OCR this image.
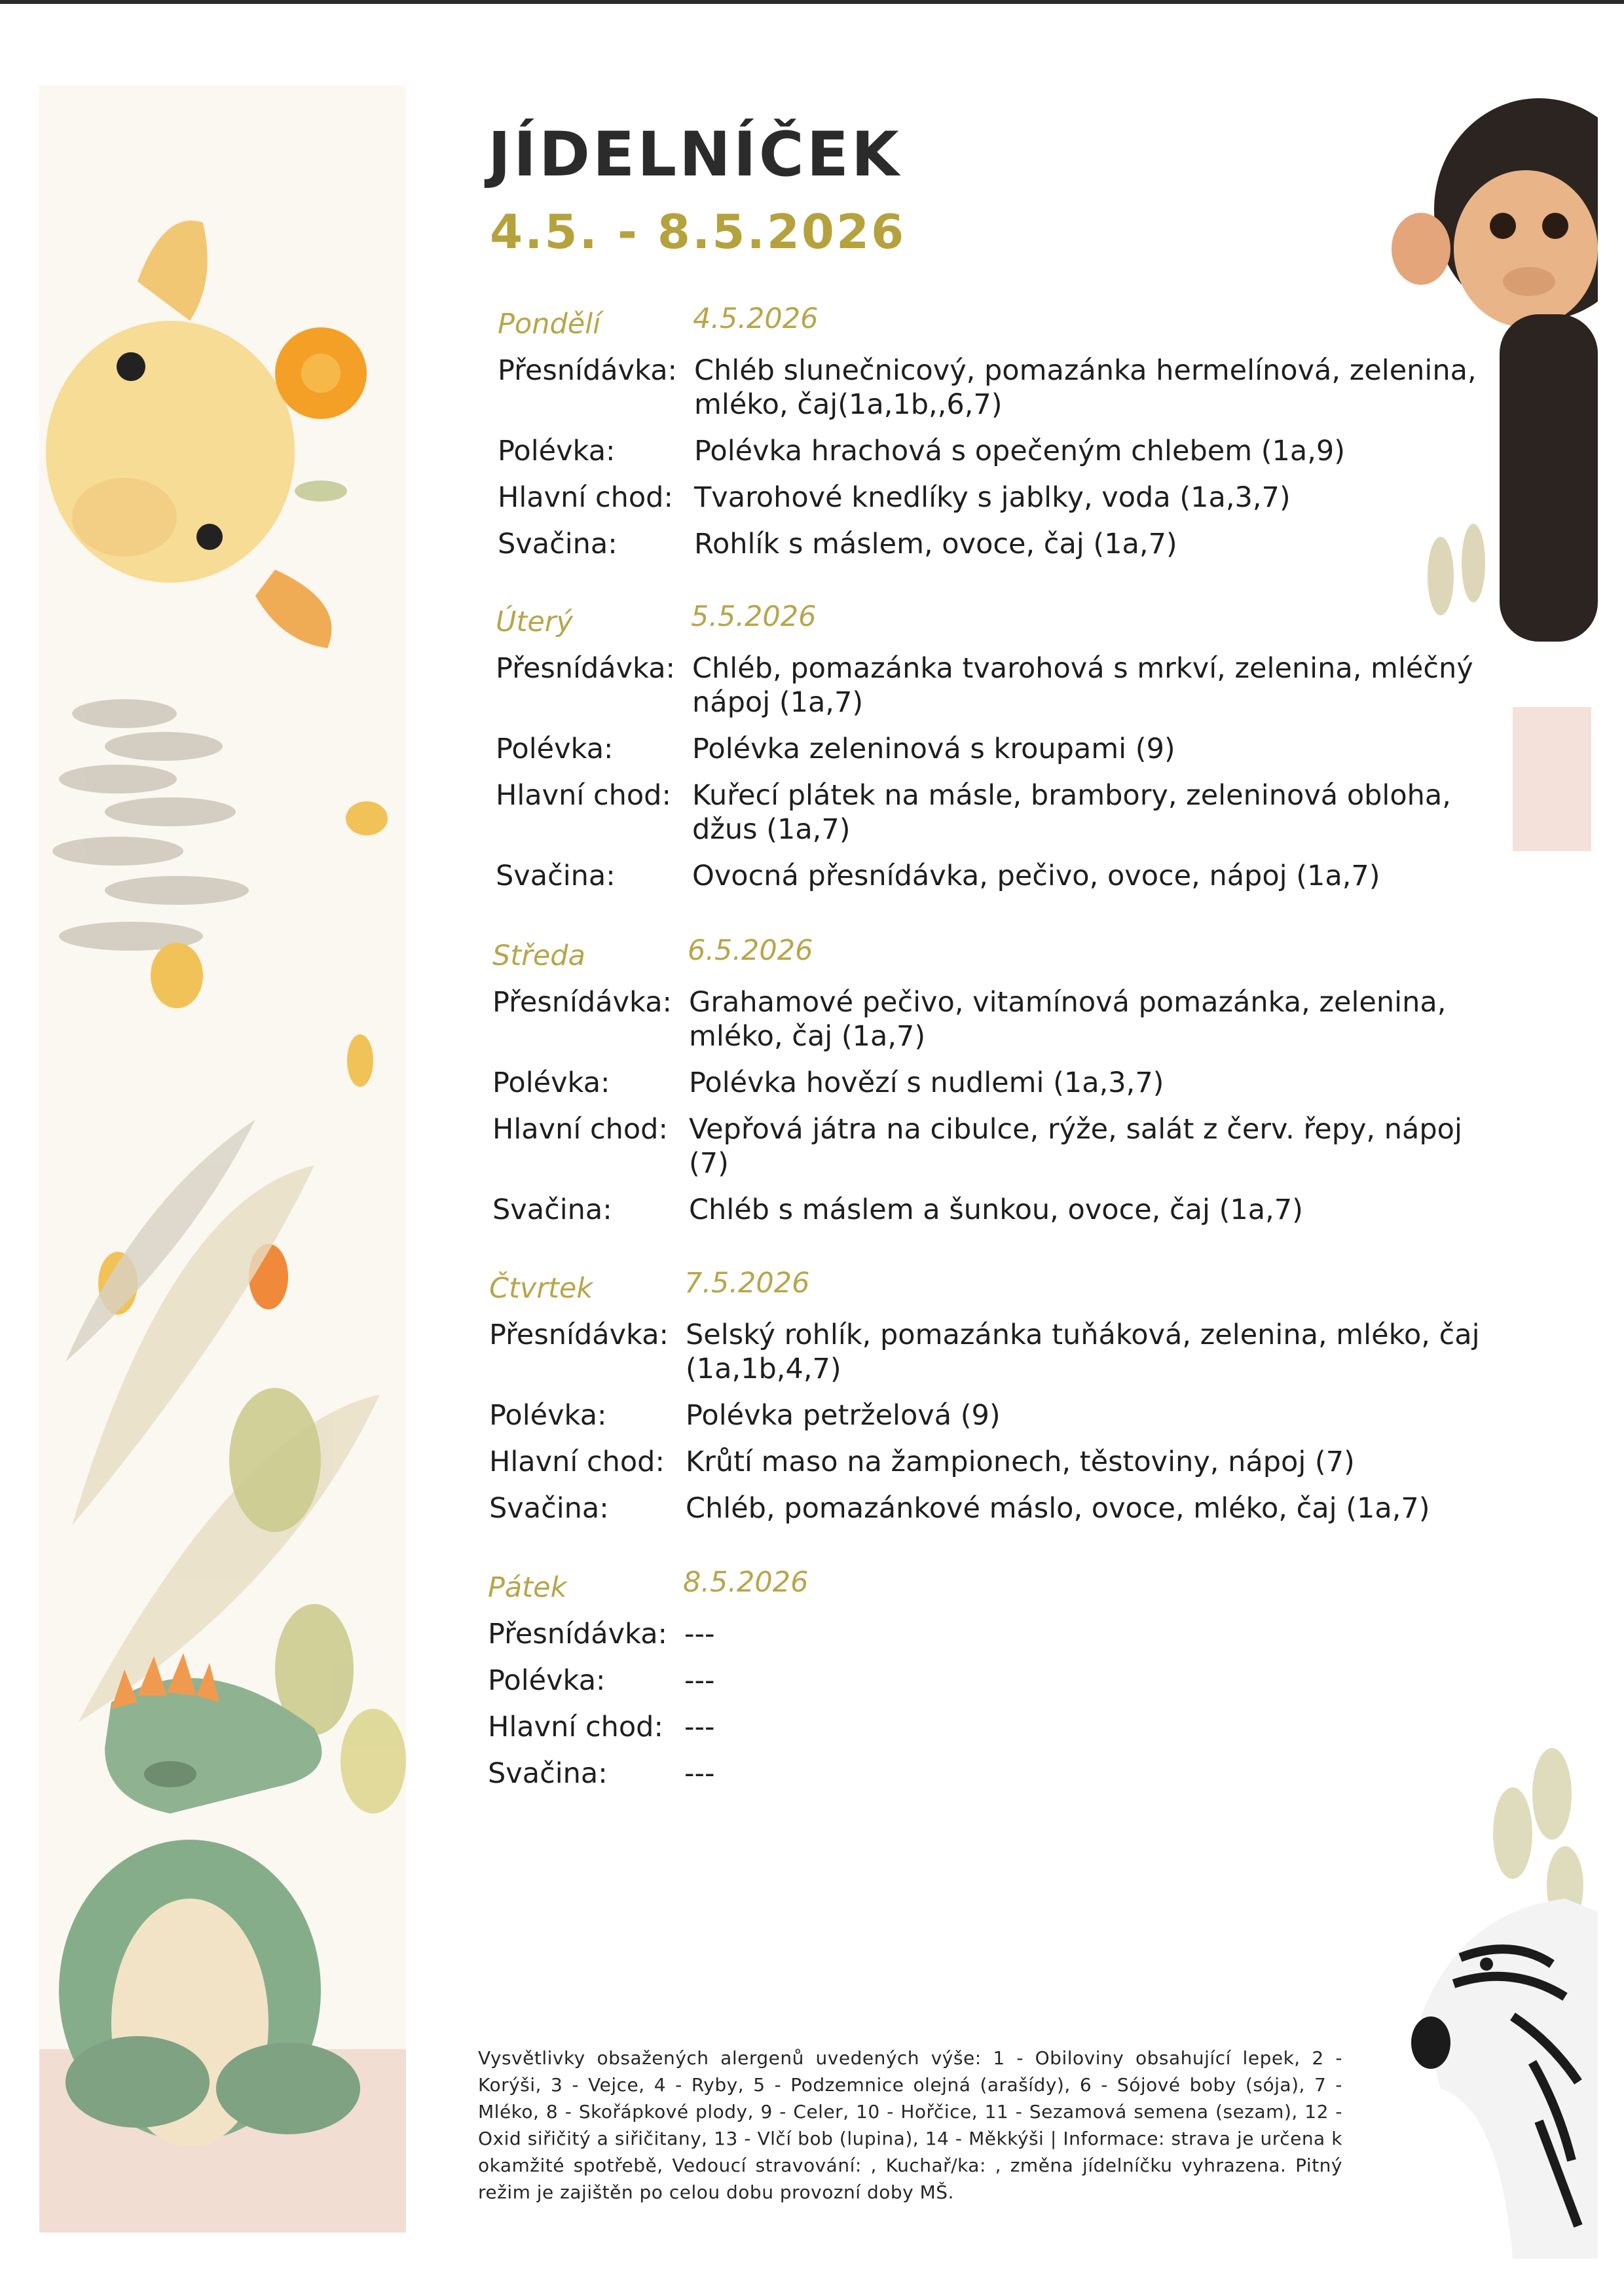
JÍDELNÍČEK
4.5. - 8.5.2026
Pondělí	4.5.2026
Přesnídávka: Chléb slunečnicový, pomazánka hermelínová, zelenina, mléko, čaj(1a,1b,,6,7)
Polévka:	Polévka hrachová s opečeným chlebem (1a,9)
Hlavní chod: Tvarohové knedlíky s jablky, voda (1a,3,7)
Svačina:	Rohlík s máslem, ovoce, čaj (1a,7)
Úterý	5.5.2026
Přesnídávka: Chléb, pomazánka tvarohová s mrkví, zelenina, mléčný nápoj (1a,7)
Polévka:	Polévka zeleninová s kroupami (9)
Hlavní chod: Kuřecí plátek na másle, brambory, zeleninová obloha, džus (1a,7)
Svačina:	Ovocná přesnídávka, pečivo, ovoce, nápoj (1a,7)
Středa	6.5.2026
Přesnídávka: Grahamové pečivo, vitamínová pomazánka, zelenina, mléko, čaj (1a,7)
Polévka:	Polévka hovězí s nudlemi (1a,3,7)
Hlavní chod: Vepřová játra na cibulce, rýže, salát z červ. řepy, nápoj (7)
Svačina:	Chléb s máslem a šunkou, ovoce, čaj (1a,7)
Čtvrtek	7.5.2026
Přesnídávka: Selský rohlík, pomazánka tuňáková, zelenina, mléko, čaj (1a,1b,4,7)
Polévka:	Polévka petrželová (9)
Hlavní chod: Krůtí maso na žampionech, těstoviny, nápoj (7)
Svačina:	Chléb, pomazánkové máslo, ovoce, mléko, čaj (1a,7)
Pátek	8.5.2026
Přesnídávka: ---
Polévka:	---
Hlavní chod: ---
Svačina:	---
Vysvětlivky obsažených alergenů uvedených výše: 1 - Obiloviny obsahující lepek, 2 - Korýši, 3 - Vejce, 4 - Ryby, 5 - Podzemnice olejná (arašídy), 6 - Sójové boby (sója), 7 - Mléko, 8 - Skořápkové plody, 9 - Celer, 10 - Hořčice, 11 - Sezamová semena (sezam), 12 - Oxid siřičitý a siřičitany, 13 - Vlčí bob (lupina), 14 - Měkkýši | Informace: strava je určena k okamžité spotřebě, Vedoucí stravování: , Kuchař/ka: , změna jídelníčku vyhrazena. Pitný režim je zajištěn po celou dobu provozní doby MŠ.
